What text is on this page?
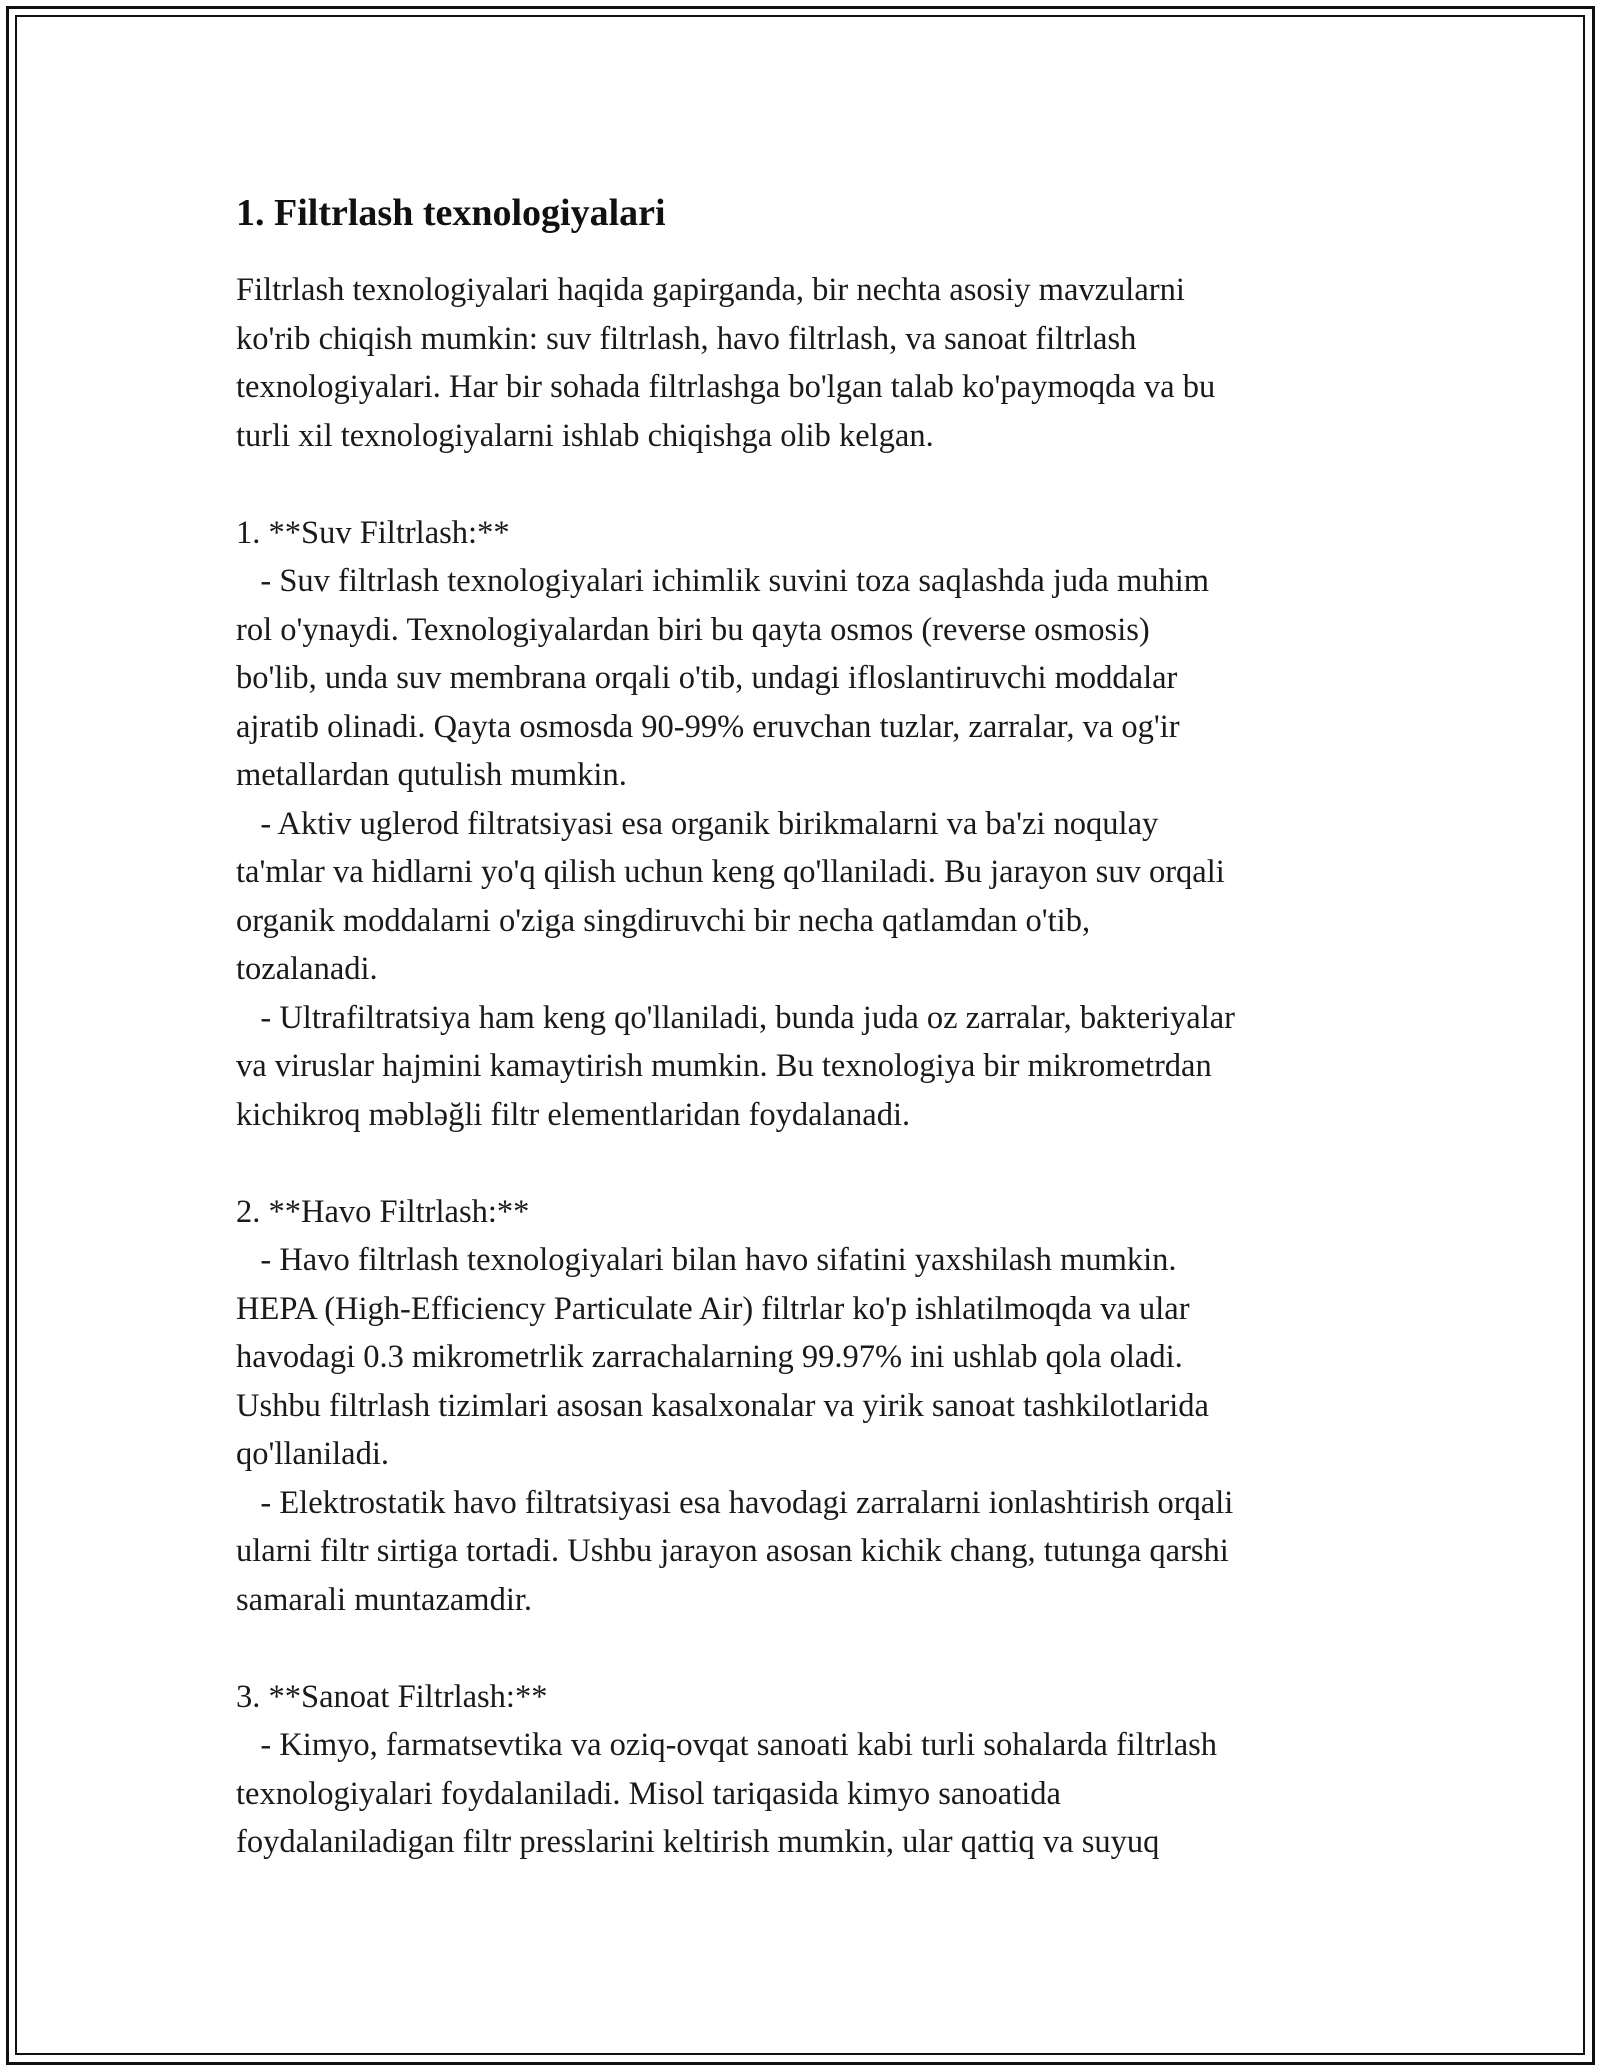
1. Filtrlash texnologiyalari

Filtrlash texnologiyalari haqida gapirganda, bir nechta asosiy mavzularni
ko'rib chiqish mumkin: suv filtrlash, havo filtrlash, va sanoat filtrlash
texnologiyalari. Har bir sohada filtrlashga bo'lgan talab ko'paymoqda va bu
turli xil texnologiyalarni ishlab chiqishga olib kelgan.

1. **Suv Filtrlash:**
- Suv filtrlash texnologiyalari ichimlik suvini toza saqlashda juda muhim
rol o'ynaydi. Texnologiyalardan biri bu qayta osmos (reverse osmosis)
bo'lib, unda suv membrana orqali o'tib, undagi ifloslantiruvchi moddalar
ajratib olinadi. Qayta osmosda 90-99% eruvchan tuzlar, zarralar, va og'ir
metallardan qutulish mumkin.
- Aktiv uglerod filtratsiyasi esa organik birikmalarni va ba'zi noqulay
ta'mlar va hidlarni yo'q qilish uchun keng qo'llaniladi. Bu jarayon suv orqali
organik moddalarni o'ziga singdiruvchi bir necha qatlamdan o'tib,
tozalanadi.
- Ultrafiltratsiya ham keng qo'llaniladi, bunda juda oz zarralar, bakteriyalar
va viruslar hajmini kamaytirish mumkin. Bu texnologiya bir mikrometrdan
kichikroq məbləğli filtr elementlaridan foydalanadi.

2. **Havo Filtrlash:**
- Havo filtrlash texnologiyalari bilan havo sifatini yaxshilash mumkin.
HEPA (High-Efficiency Particulate Air) filtrlar ko'p ishlatilmoqda va ular
havodagi 0.3 mikrometrlik zarrachalarning 99.97% ini ushlab qola oladi.
Ushbu filtrlash tizimlari asosan kasalxonalar va yirik sanoat tashkilotlarida
qo'llaniladi.
- Elektrostatik havo filtratsiyasi esa havodagi zarralarni ionlashtirish orqali
ularni filtr sirtiga tortadi. Ushbu jarayon asosan kichik chang, tutunga qarshi
samarali muntazamdir.

3. **Sanoat Filtrlash:**
- Kimyo, farmatsevtika va oziq-ovqat sanoati kabi turli sohalarda filtrlash
texnologiyalari foydalaniladi. Misol tariqasida kimyo sanoatida
foydalaniladigan filtr presslarini keltirish mumkin, ular qattiq va suyuq
